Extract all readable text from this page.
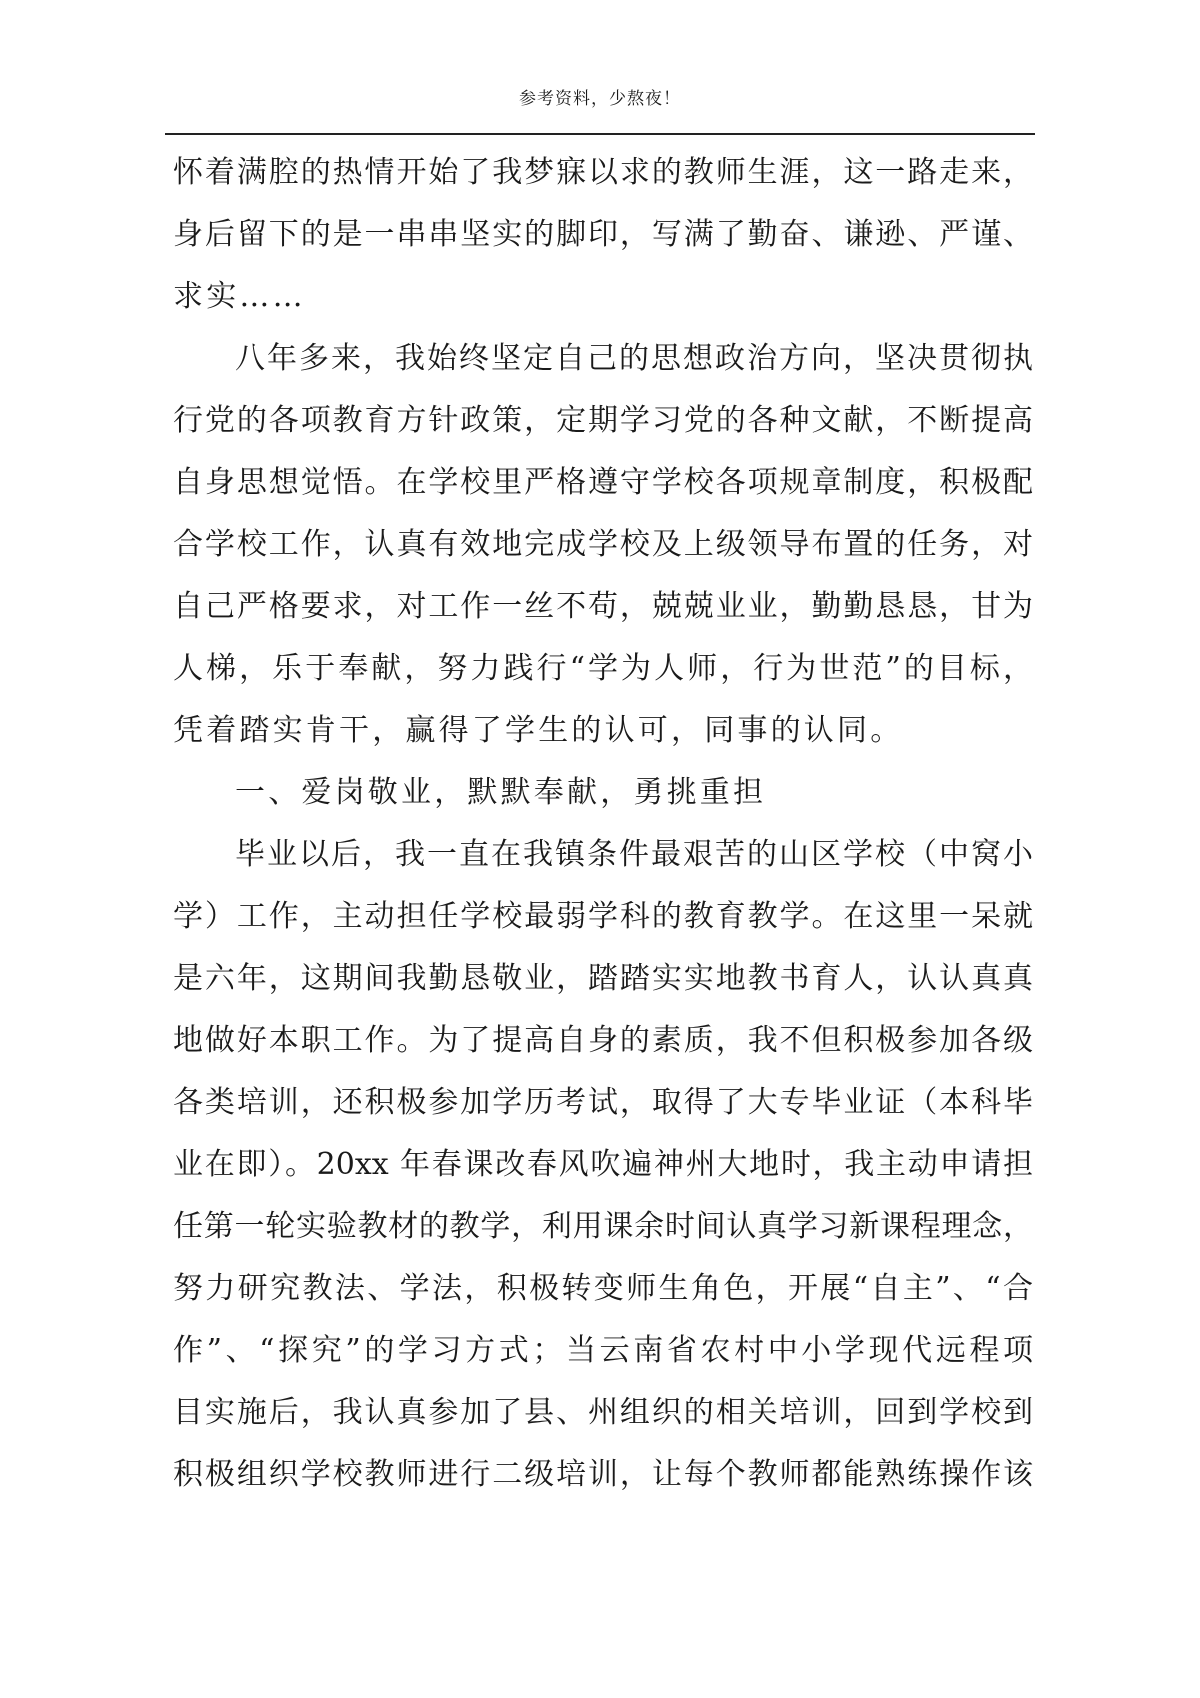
参考资料，少熬夜！
怀着满腔的热情开始了我梦寐以求的教师生涯，这一路走来，
身后留下的是一串串坚实的脚印，写满了勤奋、谦逊、严谨、
求实……
八年多来，我始终坚定自己的思想政治方向，坚决贯彻执
行党的各项教育方针政策，定期学习党的各种文献，不断提高
自身思想觉悟。在学校里严格遵守学校各项规章制度，积极配
合学校工作，认真有效地完成学校及上级领导布置的任务，对
自己严格要求，对工作一丝不苟，兢兢业业，勤勤恳恳，甘为
人梯，乐于奉献，努力践行“学为人师，行为世范”的目标，
凭着踏实肯干，赢得了学生的认可，同事的认同。
一、爱岗敬业，默默奉献，勇挑重担
毕业以后，我一直在我镇条件最艰苦的山区学校（中窝小
学）工作，主动担任学校最弱学科的教育教学。在这里一呆就
是六年，这期间我勤恳敬业，踏踏实实地教书育人，认认真真
地做好本职工作。为了提高自身的素质，我不但积极参加各级
各类培训，还积极参加学历考试，取得了大专毕业证（本科毕
业在即）。20xx 年春课改春风吹遍神州大地时，我主动申请担
任第一轮实验教材的教学，利用课余时间认真学习新课程理念，
努力研究教法、学法，积极转变师生角色，开展“自主”、“合
作”、“探究”的学习方式；当云南省农村中小学现代远程项
目实施后，我认真参加了县、州组织的相关培训，回到学校到
积极组织学校教师进行二级培训，让每个教师都能熟练操作该
